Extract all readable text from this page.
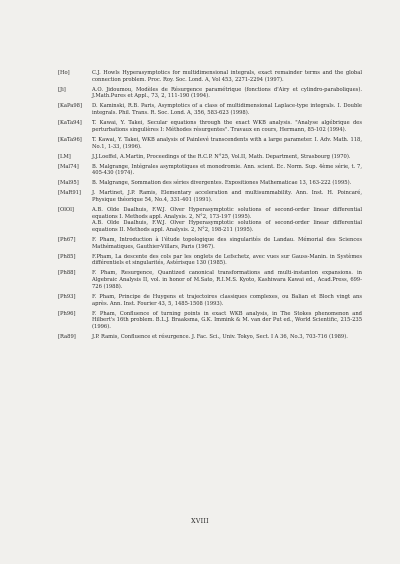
[Ho]	C.J. Howls Hyperasymptotics for multidimensional integrals, exact remainder terms and the global connection problem. Proc. Roy. Soc. Lond. A, Vol 453, 2271-2294 (1997).
[Ji]	A.O. Jidoumou, Modèles de Résurgence paramétrique (fonctions d'Airy et cylindro-paraboliques). J.Math.Pures et Appl., 73, 2, 111-190 (1994).
[KaPa98] D. Kaminski, R.B. Paris, Asymptotics of a class of multidimensional Laplace-type integrals. I. Double integrals. Phil. Trans. R. Soc. Lond. A, 356, 583-623 (1998).
[KaTa94] T. Kawai, Y. Takei, Secular equations through the exact WKB analysis. "Analyse algébrique des perturbations singulières I: Méthodes résurgentes". Travaux en cours, Hermann, 85-102 (1994).
[KaTa96] T. Kawai, Y. Takei, WKB analysis of Painlevé transcendents with a large parameter. I. Adv. Math. 118, No.1, 1-33, (1996).
[LM]	J.J.Loeffel, A.Martin, Proceedings of the R.C.P. N°25, Vol.II, Math. Department, Strasbourg (1970).
[Mal74]	B. Malgrange, Intégrales asymptotiques et monodromie. Ann. scient. Ec. Norm. Sup. 4ème série, t. 7, 405-430 (1974).
[Mal95]	B. Malgrange, Sommation des séries divergentes. Expositiones Mathematicae 13, 163-222 (1995).
[MaR91] J. Martinet, J.P. Ramis, Elementary acceleration and multisummability. Ann. Inst. H. Poincaré, Physique théorique 54, No.4, 331-401 (1991).
[OlOl]	A.B. Olde Daalhuis, F.W.J. Olver Hyperasymptotic solutions of second-order linear differential equations I. Methods appl. Analysis. 2, N°2, 173-197 (1995).
A.B. Olde Daalhuis, F.W.J. Olver Hyperasymptotic solutions of second-order linear differential equations II. Methods appl. Analysis. 2, N°2, 198-211 (1995).
[Ph67]	F. Pham, Introduction à l'étude topologique des singularités de Landau. Mémorial des Sciences Mathématiques, Gauthier-Villars, Paris (1967).
[Ph85]	F.Pham, La descente des cols par les onglets de Lefschetz, avec vues sur Gauss-Manin. in Systèmes différentiels et singularités, Astérisque 130 (1985).
[Ph88]	F. Pham, Resurgence, Quantized canonical transformations and multi-instanton expansions. in Algebraic Analysis II, vol. in honor of M.Sato, R.I.M.S. Kyoto, Kashiwara Kawai ed., Acad.Press, 699-726 (1988).
[Ph93]	F. Pham, Principe de Huygens et trajectoires classiques complexes, ou Balian et Bloch vingt ans après. Ann. Inst. Fourier 43, 5, 1485-1508 (1993).
[Ph96]	F. Pham, Confluence of turning points in exact WKB analysis, in The Stokes phenomenon and Hilbert's 16th problem. B.L.J. Braaksma, G.K. Immink & M. van der Put ed., World Scientific, 215-235 (1996).
[Ra89]	J.P. Ramis, Confluence et résurgence. J. Fac. Sci., Univ. Tokyo, Sect. I A 36, No.3, 703-716 (1989).
XVIII
